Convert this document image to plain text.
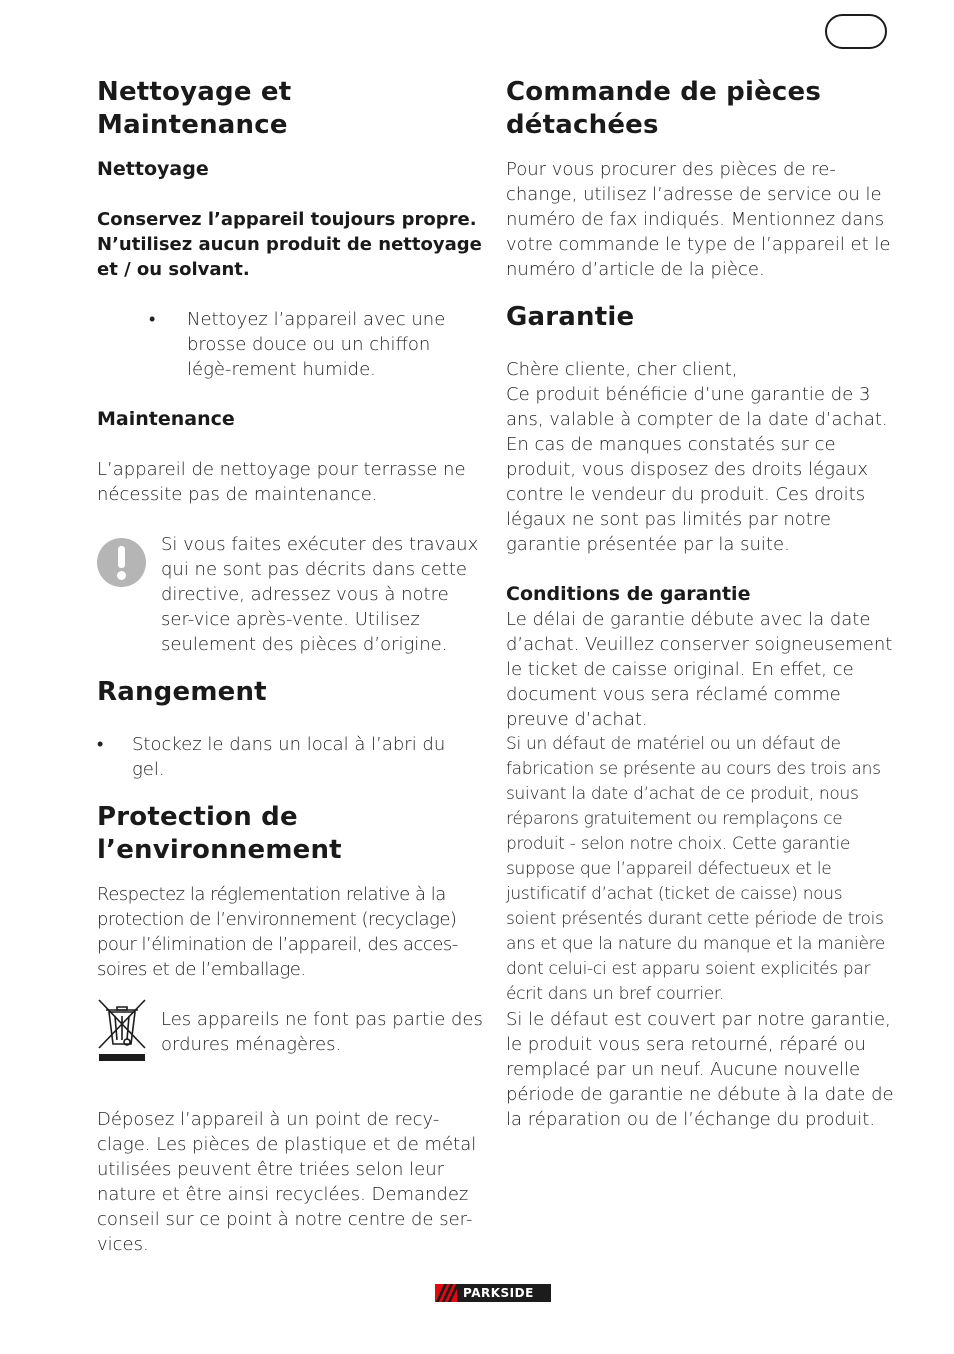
Nettoyage et Maintenance
Nettoyage
Conservez l’appareil toujours propre. N’utilisez aucun produit de nettoyage et / ou solvant.
• Nettoyez l’appareil avec une brosse douce ou un chiffon légè-rement humide.
Maintenance
L’appareil de nettoyage pour terrasse ne nécessite pas de maintenance.
Si vous faites exécuter des travaux qui ne sont pas décrits dans cette directive, adressez vous à notre ser-vice après-vente. Utilisez seulement des pièces d’origine.
Rangement
• Stockez le dans un local à l’abri du gel.
Protection de l’environnement
Respectez la réglementation relative à la protection de l’environnement (recyclage) pour l’élimination de l’appareil, des acces-soires et de l’emballage.
Les appareils ne font pas partie des ordures ménagères.
Déposez l’appareil à un point de recy-clage. Les pièces de plastique et de métal utilisées peuvent être triées selon leur nature et être ainsi recyclées. Demandez conseil sur ce point à notre centre de ser-vices.
Commande de pièces détachées
Pour vous procurer des pièces de re-change, utilisez l’adresse de service ou le numéro de fax indiqués. Mentionnez dans votre commande le type de l’appareil et le numéro d’article de la pièce.
Garantie
Chère cliente, cher client,
Ce produit bénéficie d’une garantie de 3 ans, valable à compter de la date d’achat. En cas de manques constatés sur ce produit, vous disposez des droits légaux contre le vendeur du produit. Ces droits légaux ne sont pas limités par notre garantie présentée par la suite.
Conditions de garantie
Le délai de garantie débute avec la date d’achat. Veuillez conserver soigneusement le ticket de caisse original. En effet, ce document vous sera réclamé comme preuve d’achat.
Si un défaut de matériel ou un défaut de fabrication se présente au cours des trois ans suivant la date d’achat de ce produit, nous réparons gratuitement ou remplaçons ce produit - selon notre choix. Cette garantie suppose que l’appareil défectueux et le justificatif d’achat (ticket de caisse) nous soient présentés durant cette période de trois ans et que la nature du manque et la manière dont celui-ci est apparu soient explicités par écrit dans un bref courrier.
Si le défaut est couvert par notre garantie, le produit vous sera retourné, réparé ou remplacé par un neuf. Aucune nouvelle période de garantie ne débute à la date de la réparation ou de l’échange du produit.
PARKSIDE
